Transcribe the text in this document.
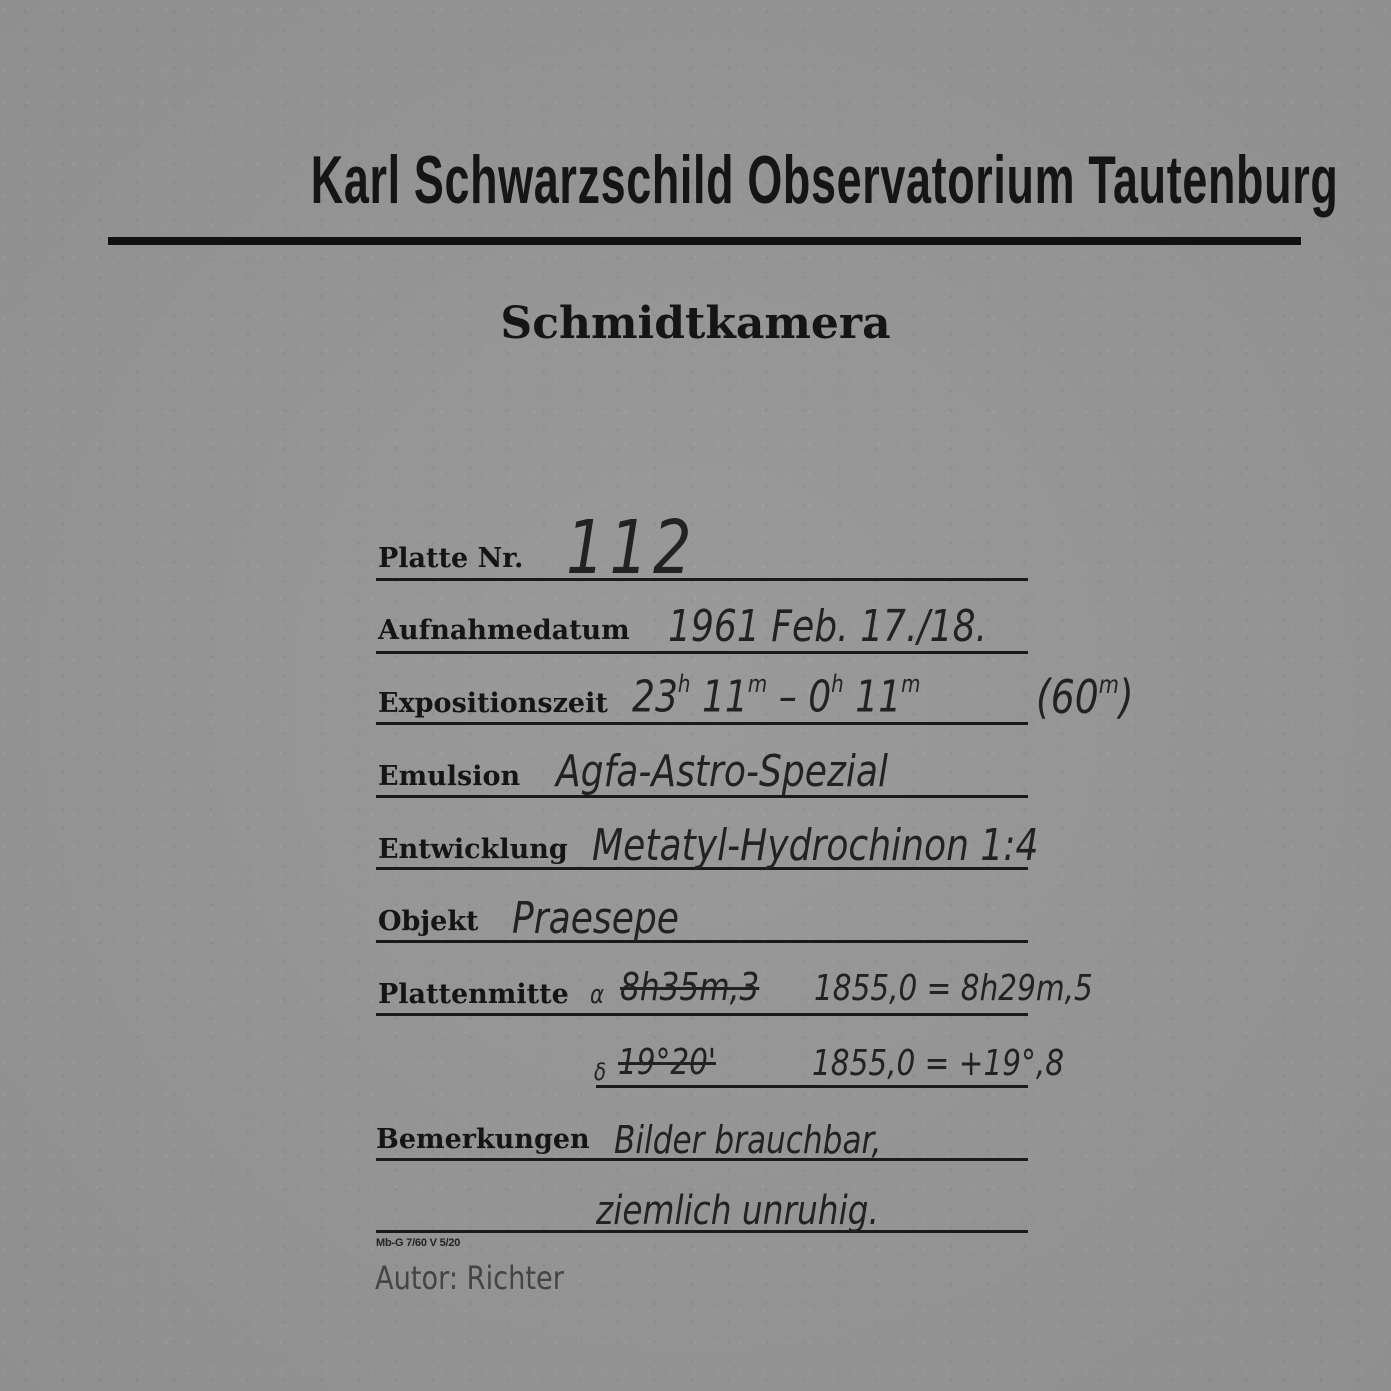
Karl Schwarzschild Observatorium Tautenburg
Schmidtkamera
Platte Nr. 112
Aufnahmedatum 1961 Feb. 17./18.
Expositionszeit 23$^h$ 11$^m$ – 0$^h$ 11$^m$	(60$^m$)
Emulsion Agfa-Astro-Spezial
Entwicklung Metatyl-Hydrochinon 1:4
Objekt Praesepe
Plattenmitte α 8h35m,3 1855,0 = 8h29m,5
δ 19°20'	1855,0 = +19°,8
Bemerkungen Bilder brauchbar,
ziemlich unruhig.
Mb-G 7/60 V 5/20
Autor: Richter
